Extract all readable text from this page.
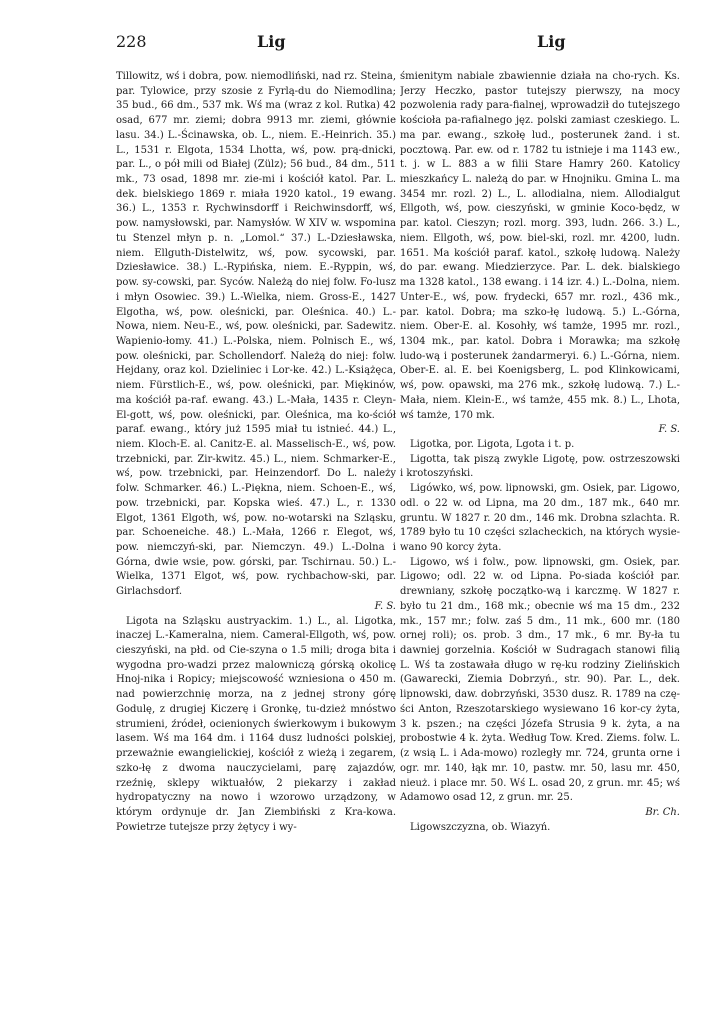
228	Lig	Lig

Tillowitz, wś i dobra, pow. niemodliński, nad rz. Steina, par. Tylowice, przy szosie z Fyrlą-du do Niemodlina; 35 bud., 66 dm., 537 mk. Wś ma (wraz z kol. Rutka) 42 osad, 677 mr. ziemi; dobra 9913 mr. ziemi, głównie lasu. 34.) L.-Ścinawska, ob. L., niem. E.-Heinrich. 35.) L., 1531 r. Elgota, 1534 Lhotta, wś, pow. prą-dnicki, par. L., o pół mili od Białej (Zülz); 56 bud., 84 dm., 511 mk., 73 osad, 1898 mr. zie-mi i kościół katol. Par. L. dek. bielskiego 1869 r. miała 1920 katol., 19 ewang. 36.) L., 1353 r. Rychwinsdorff i Reichwinsdorff, wś, pow. namysłowski, par. Namysłów. W XIV w. wspomina tu Stenzel młyn p. n. „Lomol.“ 37.) L.-Dziesławska, niem. Ellguth-Distelwitz, wś, pow. sycowski, par. Dziesławice. 38.) L.-Rypińska, niem. E.-Ryppin, wś, pow. sy-cowski, par. Syców. Należą do niej folw. Fo-lusz i młyn Osowiec. 39.) L.-Wielka, niem. Gross-E., 1427 Elgotha, wś, pow. oleśnicki, par. Oleśnica. 40.) L.-Nowa, niem. Neu-E., wś, pow. oleśnicki, par. Sadewitz. Wapienio-łomy. 41.) L.-Polska, niem. Polnisch E., wś, pow. oleśnicki, par. Schollendorf. Należą do niej: folw. Hejdany, oraz kol. Dzieliniec i Lor-ke. 42.) L.-Książęca, niem. Fürstlich-E., wś, pow. oleśnicki, par. Miękinów, ma kościół pa-raf. ewang. 43.) L.-Mała, 1435 r. Cleyn-El-gott, wś, pow. oleśnicki, par. Oleśnica, ma ko-ściół paraf. ewang., który już 1595 miał tu istnieć. 44.) L., niem. Kloch-E. al. Canitz-E. al. Masselisch-E., wś, pow. trzebnicki, par. Zir-kwitz. 45.) L., niem. Schmarker-E., wś, pow. trzebnicki, par. Heinzendorf. Do L. należy folw. Schmarker. 46.) L.-Piękna, niem. Schoen-E., wś, pow. trzebnicki, par. Kopska wieś. 47.) L., r. 1330 Elgot, 1361 Elgoth, wś, pow. no-wotarski na Szląsku, par. Schoeneiche. 48.) L.-Mała, 1266 r. Elegot, wś, pow. niemczyń-ski, par. Niemczyn. 49.) L.-Dolna i Górna, dwie wsie, pow. górski, par. Tschirnau. 50.) L.-Wielka, 1371 Elgot, wś, pow. rychbachow-ski, par. Girlachsdorf.

F. S.

Ligota na Szląsku austryackim. 1.) L., al. Ligotka, inaczej L.-Kameralna, niem. Cameral-Ellgoth, wś, pow. cieszyński, na płd. od Cie-szyna o 1.5 mili; droga bita i wygodna pro-wadzi przez malowniczą górską okolicę Hnoj-nika i Ropicy; miejscowość wzniesiona o 450 m. nad powierzchnię morza, na z jednej strony górę Godulę, z drugiej Kiczerę i Gronkę, tu-dzież mnóstwo strumieni, źródeł, ocienionych świerkowym i bukowym lasem. Wś ma 164 dm. i 1164 dusz ludności polskiej, przeważnie ewangielickiej, kościół z wieżą i zegarem, szko-łę z dwoma nauczycielami, parę zajazdów, rzeźnię, sklepy wiktuałów, 2 piekarzy i zakład hydropatyczny na nowo i wzorowo urządzony, w którym ordynuje dr. Jan Ziembiński z Kra-kowa. Powietrze tutejsze przy żętycy i wy-

śmienitym nabiale zbawiennie działa na cho-rych. Ks. Jerzy Heczko, pastor tutejszy pierwszy, na mocy pozwolenia rady para-fialnej, wprowadził do tutejszego kościoła pa-rafialnego jęz. polski zamiast czeskiego. L. ma par. ewang., szkołę lud., posterunek żand. i st. pocztową. Par. ew. od r. 1782 tu istnieje i ma 1143 ew., t. j. w L. 883 a w filii Stare Hamry 260. Katolicy mieszkańcy L. należą do par. w Hnojniku. Gmina L. ma 3454 mr. rozl. 2) L., L. allodialna, niem. Allodialgut Ellgoth, wś, pow. cieszyński, w gminie Koco-będz, w par. katol. Cieszyn; rozl. morg. 393, ludn. 266. 3.) L., niem. Ellgoth, wś, pow. biel-ski, rozl. mr. 4200, ludn. 1651. Ma kościół paraf. katol., szkołę ludową. Należy do par. ewang. Miedzierzyce. Par. L. dek. bialskiego ma 1328 katol., 138 ewang. i 14 izr. 4.) L.-Dolna, niem. Unter-E., wś, pow. frydecki, 657 mr. rozl., 436 mk., par. katol. Dobra; ma szko-łę ludową. 5.) L.-Górna, niem. Ober-E. al. Kosohły, wś tamże, 1995 mr. rozl., 1304 mk., par. katol. Dobra i Morawka; ma szkołę ludo-wą i posterunek żandarmeryi. 6.) L.-Górna, niem. Ober-E. al. E. bei Koenigsberg, L. pod Klinkowicami, wś, pow. opawski, ma 276 mk., szkołę ludową. 7.) L.-Mała, niem. Klein-E., wś tamże, 455 mk. 8.) L., Lhota, wś tamże, 170 mk.

F. S.

Ligotka, por. Ligota, Lgota i t. p.

Ligotta, tak piszą zwykle Ligotę, pow. ostrzeszowski i krotoszyński.

Ligówko, wś, pow. lipnowski, gm. Osiek, par. Ligowo, odl. o 22 w. od Lipna, ma 20 dm., 187 mk., 640 mr. gruntu. W 1827 r. 20 dm., 146 mk. Drobna szlachta. R. 1789 było tu 10 części szlacheckich, na których wysie-wano 90 korcy żyta.

Ligowo, wś i folw., pow. lipnowski, gm. Osiek, par. Ligowo; odl. 22 w. od Lipna. Po-siada kościół par. drewniany, szkołę początko-wą i karczmę. W 1827 r. było tu 21 dm., 168 mk.; obecnie wś ma 15 dm., 232 mk., 157 mr.; folw. zaś 5 dm., 11 mk., 600 mr. (180 ornej roli); os. prob. 3 dm., 17 mk., 6 mr. By-ła tu dawniej gorzelnia. Kościół w Sudragach stanowi filią L. Wś ta zostawała długo w rę-ku rodziny Zielińskich (Gawarecki, Ziemia Dobrzyń., str. 90). Par. L., dek. lipnowski, daw. dobrzyński, 3530 dusz. R. 1789 na czę-ści Anton, Rzeszotarskiego wysiewano 16 kor-cy żyta, 3 k. pszen.; na części Józefa Strusia 9 k. żyta, a na probostwie 4 k. żyta. Według Tow. Kred. Ziems. folw. L. (z wsią L. i Ada-mowo) rozległy mr. 724, grunta orne i ogr. mr. 140, łąk mr. 10, pastw. mr. 50, lasu mr. 450, nieuż. i place mr. 50. Wś L. osad 20, z grun. mr. 45; wś Adamowo osad 12, z grun. mr. 25.

Br. Ch.

Ligowszczyzna, ob. Wiazyń.
